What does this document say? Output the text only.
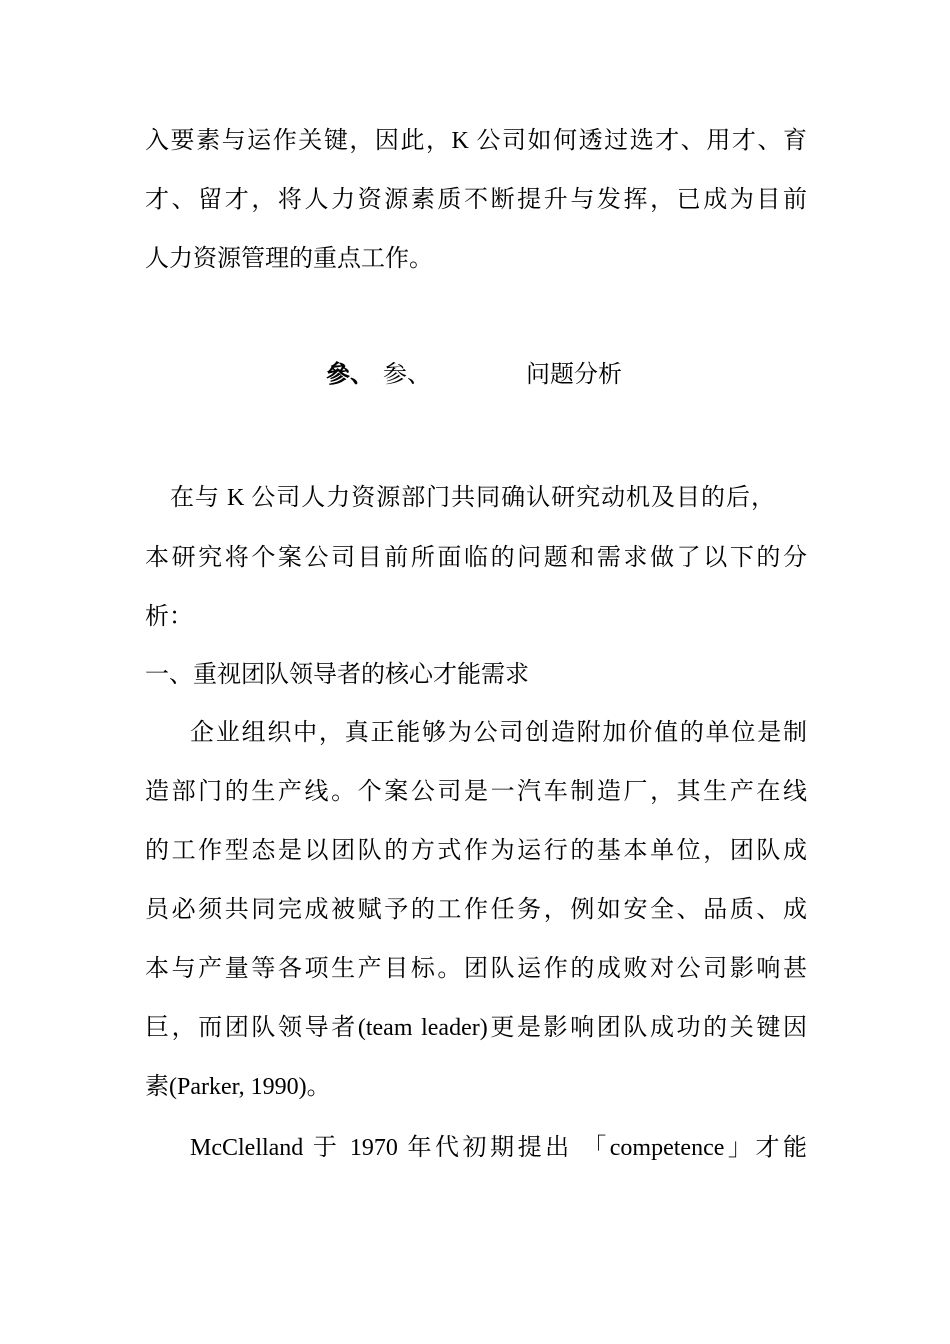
入要素与运作关键，因此，K 公司如何透过选才、用才、育
才、留才，将人力资源素质不断提升与发挥，已成为目前
人力资源管理的重点工作。
參、 参、	问题分析
在与 K 公司人力资源部门共同确认研究动机及目的后，
本研究将个案公司目前所面临的问题和需求做了以下的分
析：
一、重视团队领导者的核心才能需求
企业组织中，真正能够为公司创造附加价值的单位是制
造部门的生产线。个案公司是一汽车制造厂，其生产在线
的工作型态是以团队的方式作为运行的基本单位，团队成
员必须共同完成被赋予的工作任务，例如安全、品质、成
本与产量等各项生产目标。团队运作的成败对公司影响甚
巨，而团队领导者(team leader)更是影响团队成功的关键因
素(Parker, 1990)。
McClelland 于 1970 年代初期提出 「competence」才能
